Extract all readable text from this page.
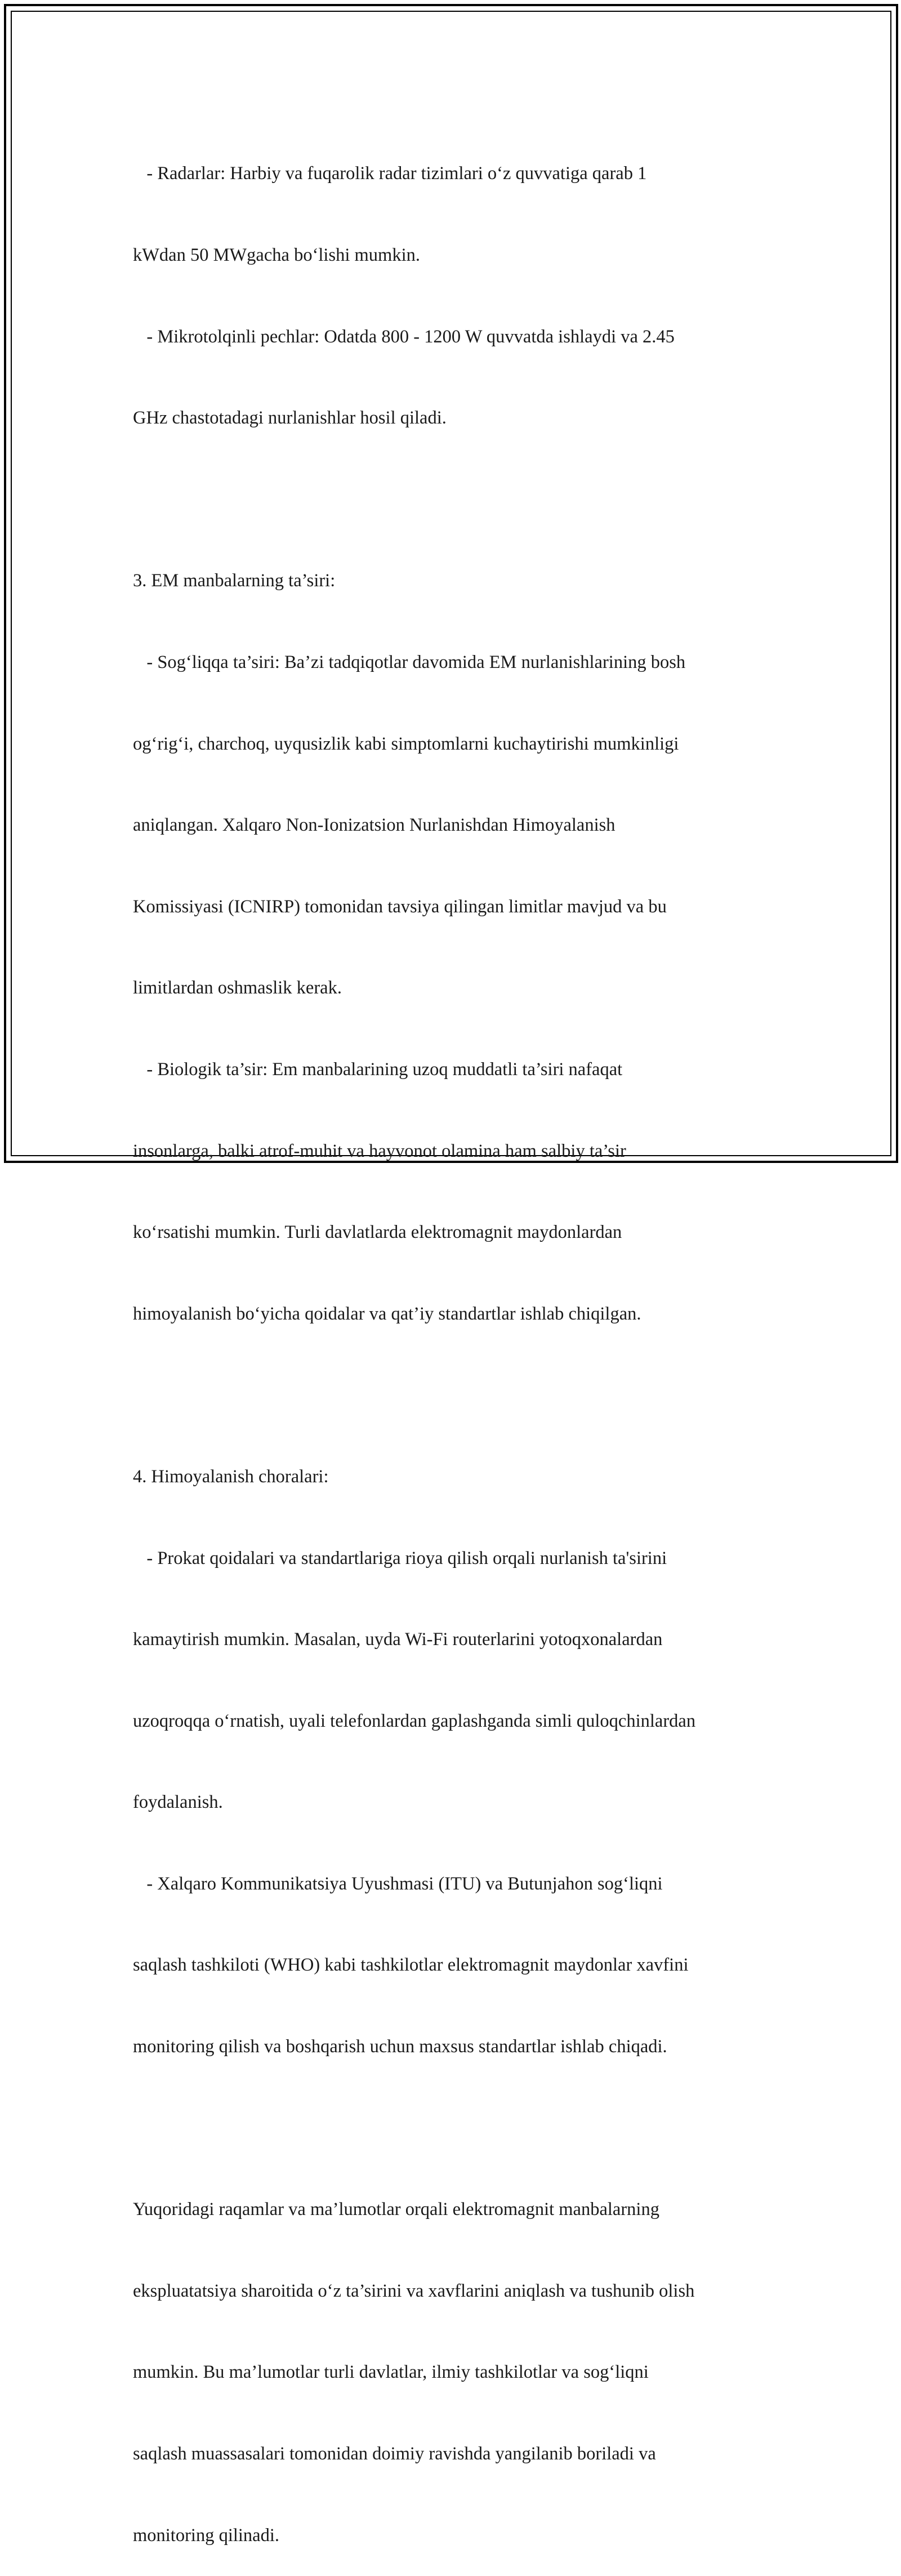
- Radarlar: Harbiy va fuqarolik radar tizimlari o‘z quvvatiga qarab 1

kWdan 50 MWgacha bo‘lishi mumkin.

- Mikrotolqinli pechlar: Odatda 800 - 1200 W quvvatda ishlaydi va 2.45

GHz chastotadagi nurlanishlar hosil qiladi.

3. EM manbalarning ta’siri:

- Sog‘liqqa ta’siri: Ba’zi tadqiqotlar davomida EM nurlanishlarining bosh

og‘rig‘i, charchoq, uyqusizlik kabi simptomlarni kuchaytirishi mumkinligi

aniqlangan. Xalqaro Non-Ionizatsion Nurlanishdan Himoyalanish

Komissiyasi (ICNIRP) tomonidan tavsiya qilingan limitlar mavjud va bu

limitlardan oshmaslik kerak.

- Biologik ta’sir: Em manbalarining uzoq muddatli ta’siri nafaqat

insonlarga, balki atrof-muhit va hayvonot olamina ham salbiy ta’sir

ko‘rsatishi mumkin. Turli davlatlarda elektromagnit maydonlardan

himoyalanish bo‘yicha qoidalar va qat’iy standartlar ishlab chiqilgan.

4. Himoyalanish choralari:

- Prokat qoidalari va standartlariga rioya qilish orqali nurlanish ta'sirini

kamaytirish mumkin. Masalan, uyda Wi-Fi routerlarini yotoqxonalardan

uzoqroqqa o‘rnatish, uyali telefonlardan gaplashganda simli quloqchinlardan

foydalanish.

- Xalqaro Kommunikatsiya Uyushmasi (ITU) va Butunjahon sog‘liqni

saqlash tashkiloti (WHO) kabi tashkilotlar elektromagnit maydonlar xavfini

monitoring qilish va boshqarish uchun maxsus standartlar ishlab chiqadi.

Yuqoridagi raqamlar va ma’lumotlar orqali elektromagnit manbalarning

ekspluatatsiya sharoitida o‘z ta’sirini va xavflarini aniqlash va tushunib olish

mumkin. Bu ma’lumotlar turli davlatlar, ilmiy tashkilotlar va sog‘liqni

saqlash muassasalari tomonidan doimiy ravishda yangilanib boriladi va

monitoring qilinadi.
